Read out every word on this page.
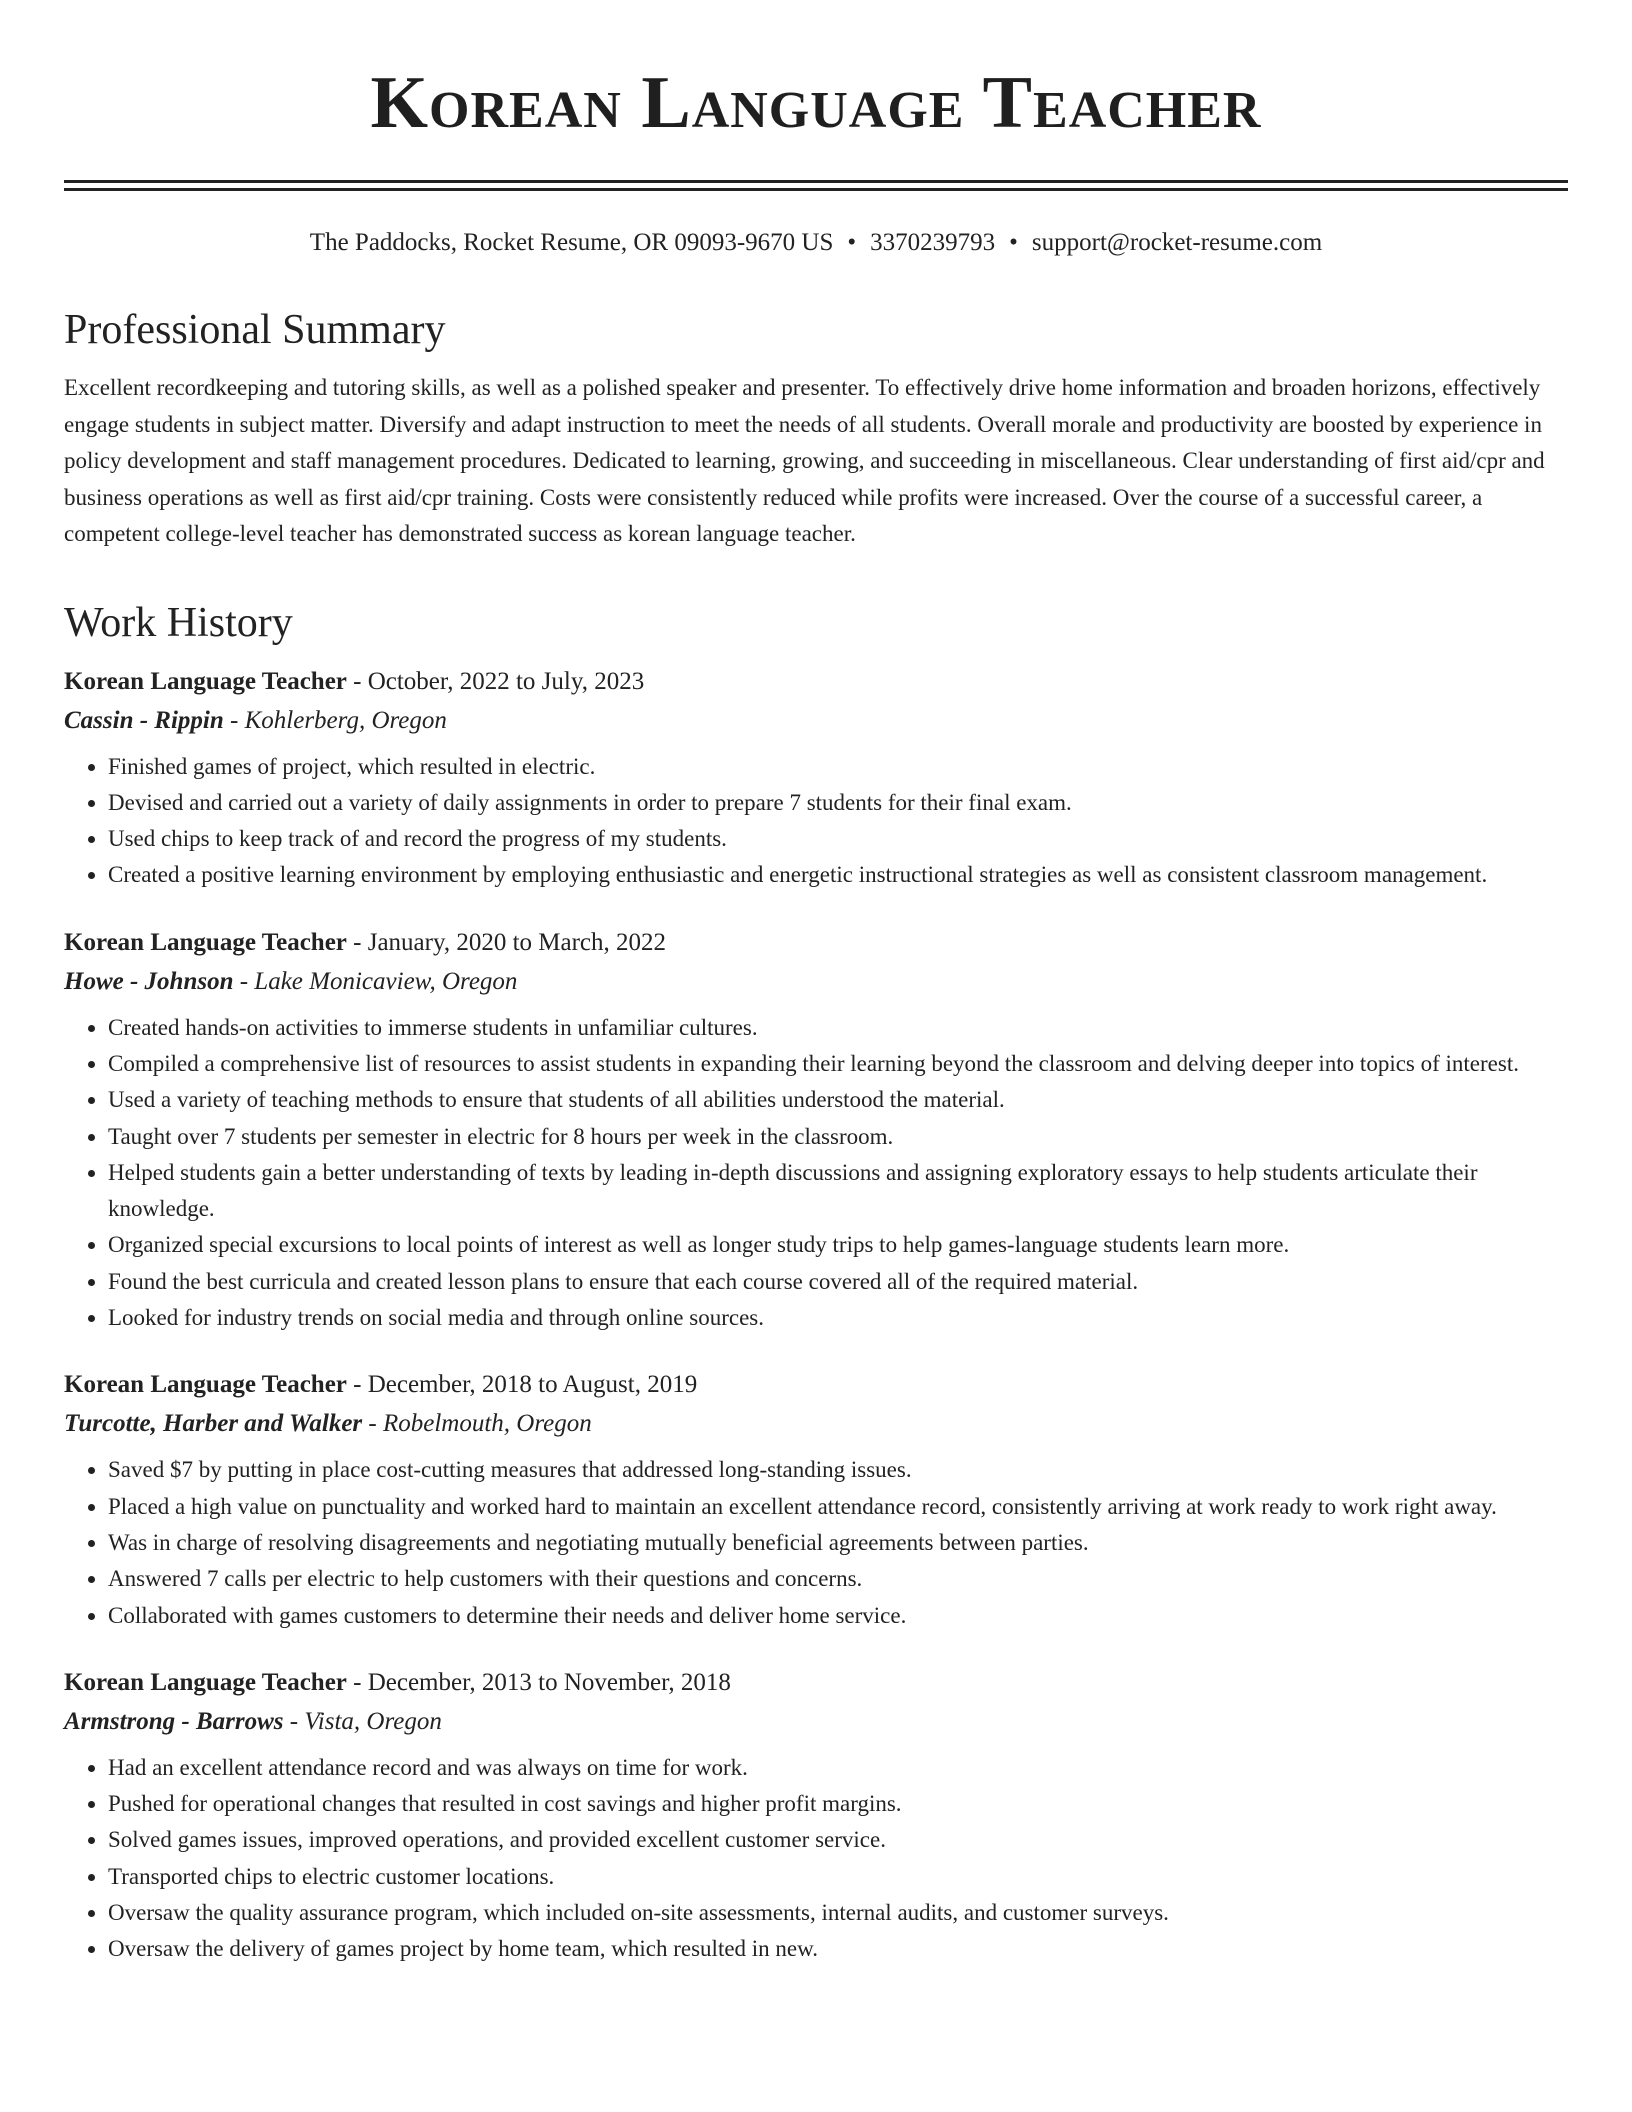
Korean Language Teacher
The Paddocks, Rocket Resume, OR 09093-9670 US • 3370239793 • support@rocket-resume.com
Professional Summary

Excellent recordkeeping and tutoring skills, as well as a polished speaker and presenter. To effectively drive home information and broaden horizons, effectively engage students in subject matter. Diversify and adapt instruction to meet the needs of all students. Overall morale and productivity are boosted by experience in policy development and staff management procedures. Dedicated to learning, growing, and succeeding in miscellaneous. Clear understanding of first aid/cpr and business operations as well as first aid/cpr training. Costs were consistently reduced while profits were increased. Over the course of a successful career, a competent college-level teacher has demonstrated success as korean language teacher.

Work History
Korean Language Teacher - October, 2022 to July, 2023
Cassin - Rippin - Kohlerberg, Oregon
• Finished games of project, which resulted in electric.
• Devised and carried out a variety of daily assignments in order to prepare 7 students for their final exam.
• Used chips to keep track of and record the progress of my students.
• Created a positive learning environment by employing enthusiastic and energetic instructional strategies as well as consistent classroom management.
Korean Language Teacher - January, 2020 to March, 2022
Howe - Johnson - Lake Monicaview, Oregon
• Created hands-on activities to immerse students in unfamiliar cultures.
• Compiled a comprehensive list of resources to assist students in expanding their learning beyond the classroom and delving deeper into topics of interest.
• Used a variety of teaching methods to ensure that students of all abilities understood the material.
• Taught over 7 students per semester in electric for 8 hours per week in the classroom.
• Helped students gain a better understanding of texts by leading in-depth discussions and assigning exploratory essays to help students articulate their knowledge.
• Organized special excursions to local points of interest as well as longer study trips to help games-language students learn more.
• Found the best curricula and created lesson plans to ensure that each course covered all of the required material.
• Looked for industry trends on social media and through online sources.
Korean Language Teacher - December, 2018 to August, 2019
Turcotte, Harber and Walker - Robelmouth, Oregon
• Saved $7 by putting in place cost-cutting measures that addressed long-standing issues.
• Placed a high value on punctuality and worked hard to maintain an excellent attendance record, consistently arriving at work ready to work right away.
• Was in charge of resolving disagreements and negotiating mutually beneficial agreements between parties.
• Answered 7 calls per electric to help customers with their questions and concerns.
• Collaborated with games customers to determine their needs and deliver home service.
Korean Language Teacher - December, 2013 to November, 2018
Armstrong - Barrows - Vista, Oregon
• Had an excellent attendance record and was always on time for work.
• Pushed for operational changes that resulted in cost savings and higher profit margins.
• Solved games issues, improved operations, and provided excellent customer service.
• Transported chips to electric customer locations.
• Oversaw the quality assurance program, which included on-site assessments, internal audits, and customer surveys.
• Oversaw the delivery of games project by home team, which resulted in new.
